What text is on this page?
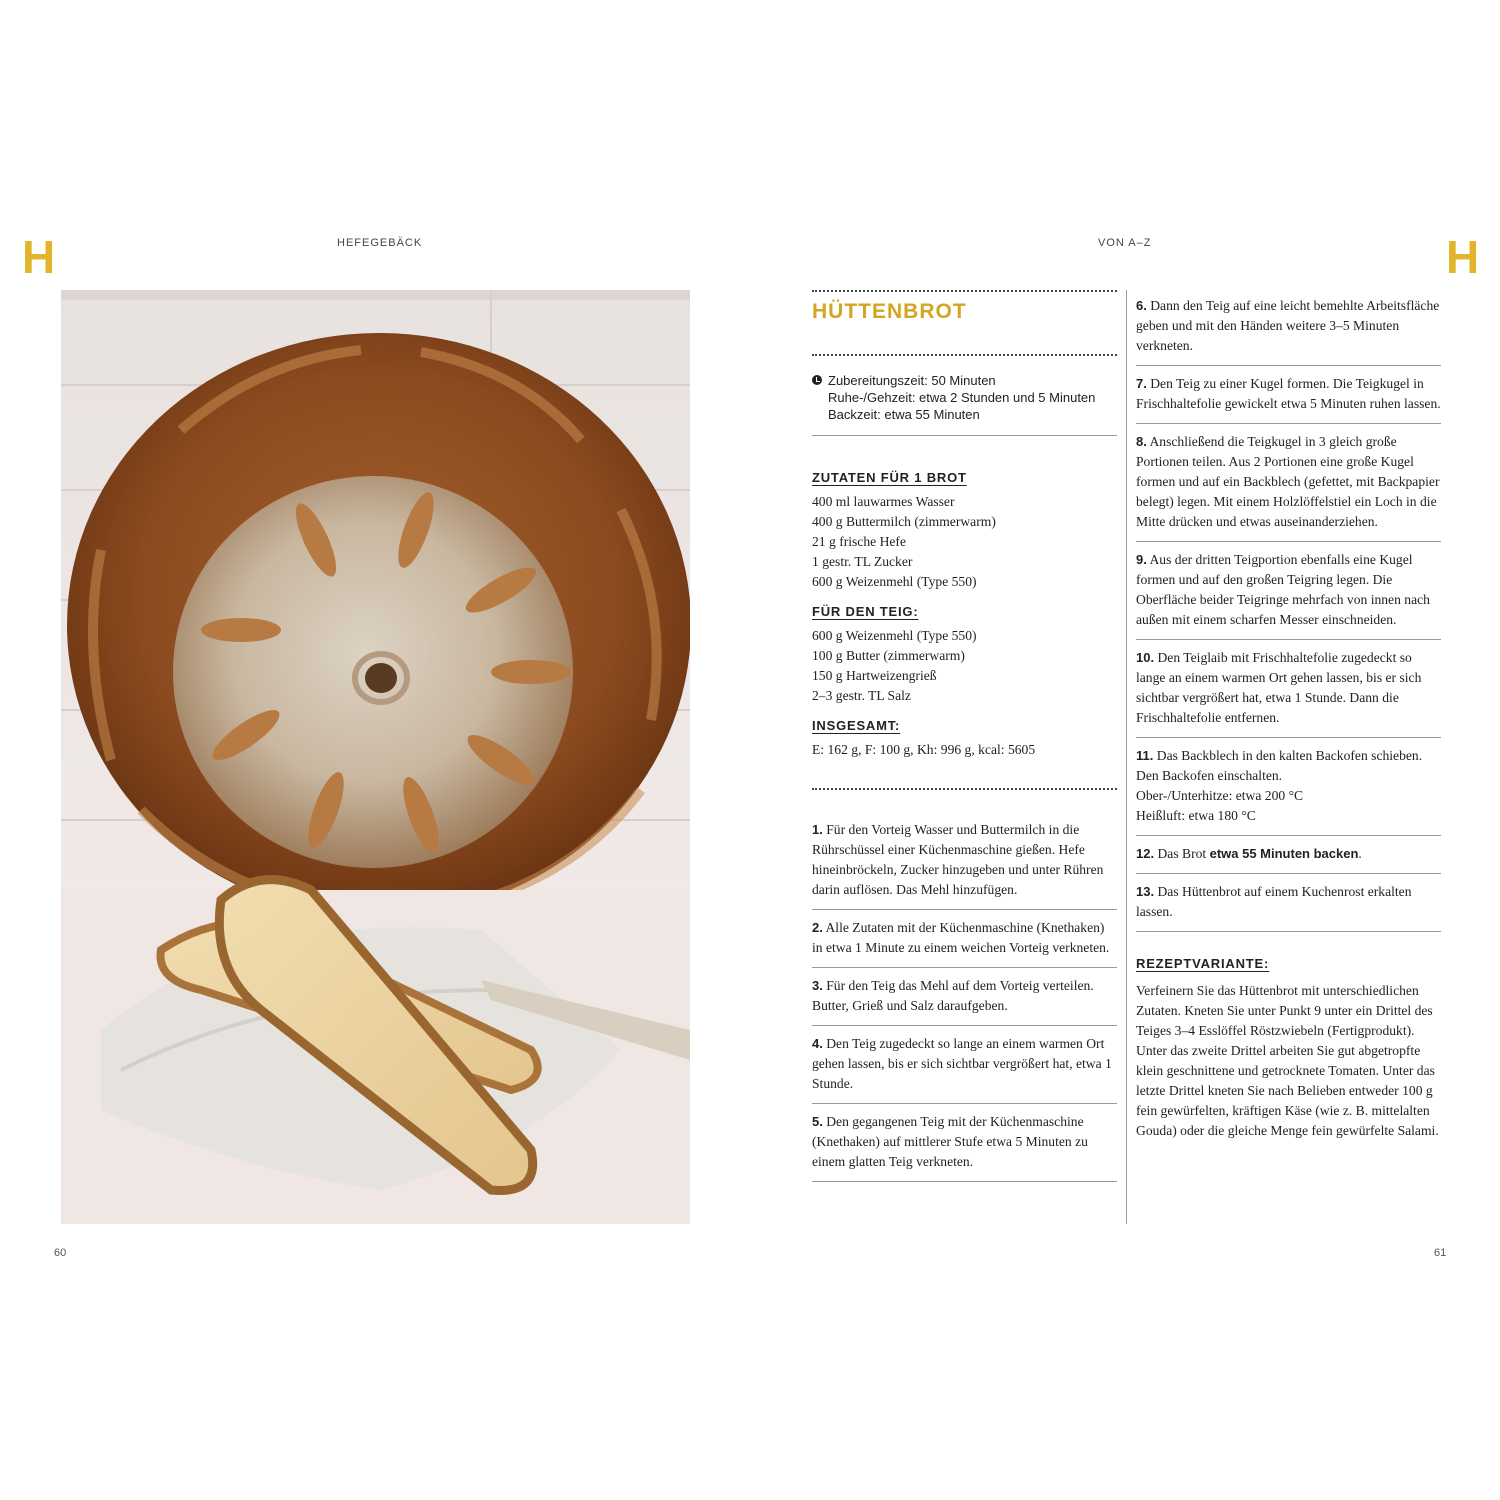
H	HEFEGEBÄCK
60
VON A–Z	H
HÜTTENBROT
Zubereitungszeit: 50 Minuten
Ruhe-/Gehzeit: etwa 2 Stunden und 5 Minuten
Backzeit: etwa 55 Minuten
ZUTATEN FÜR 1 BROT
400 ml lauwarmes Wasser
400 g Buttermilch (zimmerwarm)
21 g frische Hefe
1 gestr. TL Zucker
600 g Weizenmehl (Type 550)
FÜR DEN TEIG:
600 g Weizenmehl (Type 550)
100 g Butter (zimmerwarm)
150 g Hartweizengrieß
2–3 gestr. TL Salz
INSGESAMT:
E: 162 g, F: 100 g, Kh: 996 g, kcal: 5605
1. Für den Vorteig Wasser und Buttermilch in die Rührschüssel einer Küchenmaschine gießen. Hefe hineinbröckeln, Zucker hinzugeben und unter Rühren darin auflösen. Das Mehl hinzufügen.
2. Alle Zutaten mit der Küchenmaschine (Knethaken) in etwa 1 Minute zu einem weichen Vorteig verkneten.
3. Für den Teig das Mehl auf dem Vorteig verteilen. Butter, Grieß und Salz daraufgeben.
4. Den Teig zugedeckt so lange an einem warmen Ort gehen lassen, bis er sich sichtbar vergrößert hat, etwa 1 Stunde.
5. Den gegangenen Teig mit der Küchenmaschine (Knethaken) auf mittlerer Stufe etwa 5 Minuten zu einem glatten Teig verkneten.
6. Dann den Teig auf eine leicht bemehlte Arbeitsfläche geben und mit den Händen weitere 3–5 Minuten verkneten.
7. Den Teig zu einer Kugel formen. Die Teigkugel in Frischhaltefolie gewickelt etwa 5 Minuten ruhen lassen.
8. Anschließend die Teigkugel in 3 gleich große Portionen teilen. Aus 2 Portionen eine große Kugel formen und auf ein Backblech (gefettet, mit Backpapier belegt) legen. Mit einem Holzlöffelstiel ein Loch in die Mitte drücken und etwas auseinanderziehen.
9. Aus der dritten Teigportion ebenfalls eine Kugel formen und auf den großen Teigring legen. Die Oberfläche beider Teigringe mehrfach von innen nach außen mit einem scharfen Messer einschneiden.
10. Den Teiglaib mit Frischhaltefolie zugedeckt so lange an einem warmen Ort gehen lassen, bis er sich sichtbar vergrößert hat, etwa 1 Stunde. Dann die Frischhaltefolie entfernen.
11. Das Backblech in den kalten Backofen schieben. Den Backofen einschalten.
Ober-/Unterhitze: etwa 200 °C
Heißluft: etwa 180 °C
12. Das Brot etwa 55 Minuten backen.
13. Das Hüttenbrot auf einem Kuchenrost erkalten lassen.
REZEPTVARIANTE:
Verfeinern Sie das Hüttenbrot mit unterschiedlichen Zutaten. Kneten Sie unter Punkt 9 unter ein Drittel des Teiges 3–4 Esslöffel Röstzwiebeln (Fertigprodukt). Unter das zweite Drittel arbeiten Sie gut abgetropfte klein geschnittene und getrocknete Tomaten. Unter das letzte Drittel kneten Sie nach Belieben entweder 100 g fein gewürfelten, kräftigen Käse (wie z. B. mittelalten Gouda) oder die gleiche Menge fein gewürfelte Salami.
61
